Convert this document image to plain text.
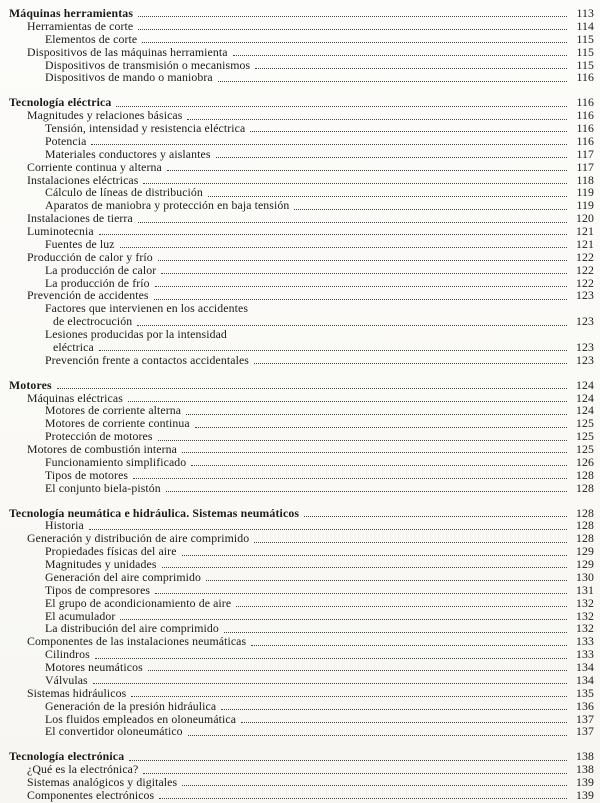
Máquinas herramientas	113
Herramientas de corte	114
Elementos de corte	115
Dispositivos de las máquinas herramienta	115
Dispositivos de transmisión o mecanismos	115
Dispositivos de mando o maniobra	116
Tecnología eléctrica	116
Magnitudes y relaciones básicas	116
Tensión, intensidad y resistencia eléctrica	116
Potencia	116
Materiales conductores y aislantes	117
Corriente continua y alterna	117
Instalaciones eléctricas	118
Cálculo de líneas de distribución	119
Aparatos de maniobra y protección en baja tensión	119
Instalaciones de tierra	120
Luminotecnia	121
Fuentes de luz	121
Producción de calor y frío	122
La producción de calor	122
La producción de frío	122
Prevención de accidentes	123
Factores que intervienen en los accidentes
de electrocución	123
Lesiones producidas por la intensidad
eléctrica	123
Prevención frente a contactos accidentales	123
Motores	124
Máquinas eléctricas	124
Motores de corriente alterna	124
Motores de corriente continua	125
Protección de motores	125
Motores de combustión interna	125
Funcionamiento simplificado	126
Tipos de motores	128
El conjunto biela-pistón	128
Tecnología neumática e hidráulica. Sistemas neumáticos	128
Historia	128
Generación y distribución de aire comprimido	128
Propiedades físicas del aire	129
Magnitudes y unidades	129
Generación del aire comprimido	130
Tipos de compresores	131
El grupo de acondicionamiento de aire	132
El acumulador	132
La distribución del aire comprimido	132
Componentes de las instalaciones neumáticas	133
Cilindros	133
Motores neumáticos	134
Válvulas	134
Sistemas hidráulicos	135
Generación de la presión hidráulica	136
Los fluidos empleados en oloneumática	137
El convertidor oloneumático	137
Tecnología electrónica	138
¿Qué es la electrónica?	138
Sistemas analógicos y digitales	139
Componentes electrónicos	139
